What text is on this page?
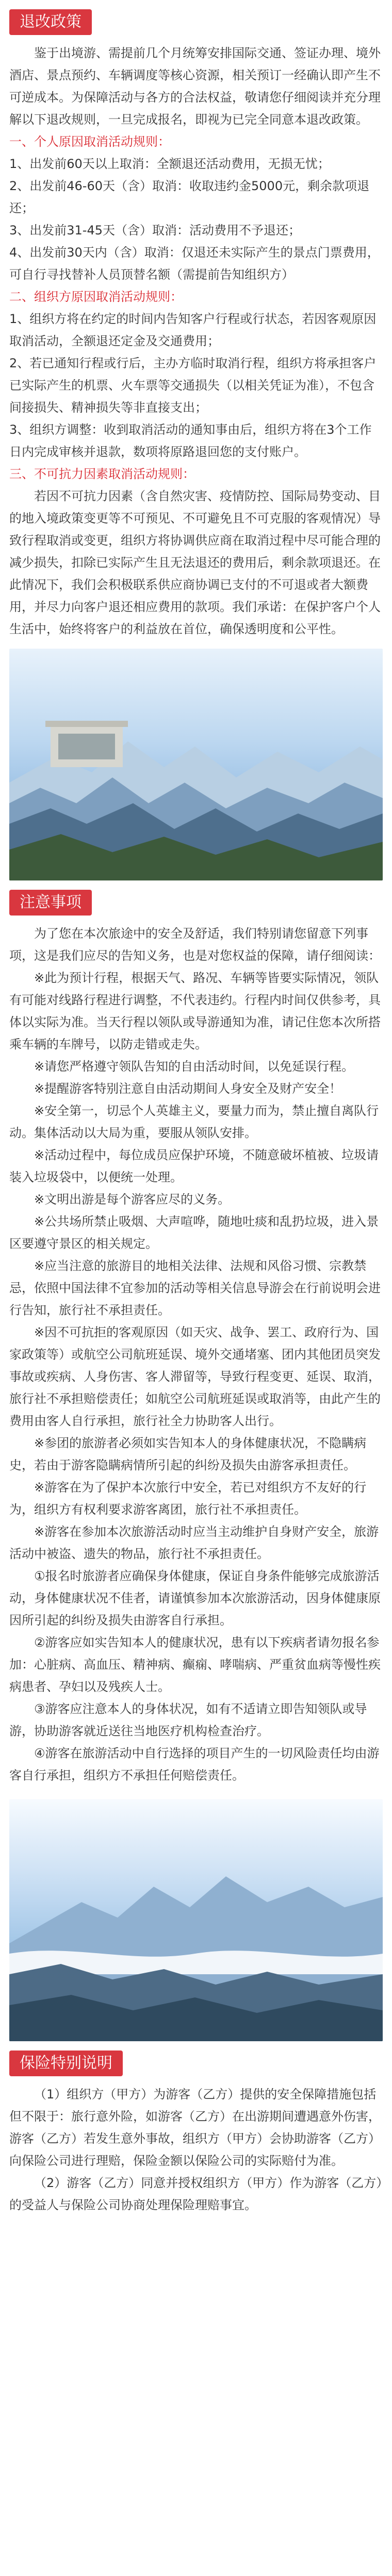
退改政策

鉴于出境游、需提前几个月统筹安排国际交通、签证办理、境外酒店、景点预约、车辆调度等核心资源，相关预订一经确认即产生不可逆成本。为保障活动与各方的合法权益，敬请您仔细阅读并充分理解以下退改规则，一旦完成报名，即视为已完全同意本退改政策。

一、个人原因取消活动规则：

1、出发前60天以上取消：全额退还活动费用，无损无忧；

2、出发前46-60天（含）取消：收取违约金5000元，剩余款项退还；

3、出发前31-45天（含）取消：活动费用不予退还；

4、出发前30天内（含）取消：仅退还未实际产生的景点门票费用，可自行寻找替补人员顶替名额（需提前告知组织方）

二、组织方原因取消活动规则：

1、组织方将在约定的时间内告知客户行程或行状态，若因客观原因取消活动，全额退还定金及交通费用；

2、若已通知行程或行后，主办方临时取消行程，组织方将承担客户已实际产生的机票、火车票等交通损失（以相关凭证为准），不包含间接损失、精神损失等非直接支出；

3、组织方调整：收到取消活动的通知事由后，组织方将在3个工作日内完成审核并退款，数项将原路退回您的支付账户。

三、不可抗力因素取消活动规则：

若因不可抗力因素（含自然灾害、疫情防控、国际局势变动、目的地入境政策变更等不可预见、不可避免且不可克服的客观情况）导致行程取消或变更，组织方将协调供应商在取消过程中尽可能合理的减少损失，扣除已实际产生且无法退还的费用后，剩余款项退还。在此情况下，我们会积极联系供应商协调已支付的不可退或者大额费用，并尽力向客户退还相应费用的款项。我们承诺：在保护客户个人生活中，始终将客户的利益放在首位，确保透明度和公平性。

注意事项

为了您在本次旅途中的安全及舒适，我们特别请您留意下列事项，这是我们应尽的告知义务，也是对您权益的保障，请仔细阅读：

※此为预计行程，根据天气、路况、车辆等皆要实际情况，领队有可能对线路行程进行调整，不代表违约。行程内时间仅供参考，具体以实际为准。当天行程以领队或导游通知为准，请记住您本次所搭乘车辆的车牌号，以防走错或走失。

※请您严格遵守领队告知的自由活动时间，以免延误行程。

※提醒游客特别注意自由活动期间人身安全及财产安全！

※安全第一，切忌个人英雄主义，要量力而为，禁止擅自离队行动。集体活动以大局为重，要服从领队安排。

※活动过程中，每位成员应保护环境，不随意破坏植被、垃圾请装入垃圾袋中，以便统一处理。

※文明出游是每个游客应尽的义务。

※公共场所禁止吸烟、大声喧哗，随地吐痰和乱扔垃圾，进入景区要遵守景区的相关规定。

※应当注意的旅游目的地相关法律、法规和风俗习惯、宗教禁忌，依照中国法律不宜参加的活动等相关信息导游会在行前说明会进行告知，旅行社不承担责任。

※因不可抗拒的客观原因（如天灾、战争、罢工、政府行为、国家政策等）或航空公司航班延误、境外交通堵塞、团内其他团员突发事故或疾病、人身伤害、客人滞留等，导致行程变更、延误、取消，旅行社不承担赔偿责任；如航空公司航班延误或取消等，由此产生的费用由客人自行承担，旅行社全力协助客人出行。

※参团的旅游者必须如实告知本人的身体健康状况，不隐瞒病史，若由于游客隐瞒病情所引起的纠纷及损失由游客承担责任。

※游客在为了保护本次旅行中安全，若已对组织方不友好的行为，组织方有权利要求游客离团，旅行社不承担责任。

※游客在参加本次旅游活动时应当主动维护自身财产安全，旅游活动中被盗、遗失的物品，旅行社不承担责任。

①报名时旅游者应确保身体健康，保证自身条件能够完成旅游活动，身体健康状况不佳者，请谨慎参加本次旅游活动，因身体健康原因所引起的纠纷及损失由游客自行承担。

②游客应如实告知本人的健康状况，患有以下疾病者请勿报名参加：心脏病、高血压、精神病、癫痫、哮喘病、严重贫血病等慢性疾病患者、孕妇以及残疾人士。

③游客应注意本人的身体状况，如有不适请立即告知领队或导游，协助游客就近送往当地医疗机构检查治疗。

④游客在旅游活动中自行选择的项目产生的一切风险责任均由游客自行承担，组织方不承担任何赔偿责任。

保险特别说明

（1）组织方（甲方）为游客（乙方）提供的安全保障措施包括但不限于：旅行意外险，如游客（乙方）在出游期间遭遇意外伤害，游客（乙方）若发生意外事故，组织方（甲方）会协助游客（乙方）向保险公司进行理赔，保险金额以保险公司的实际赔付为准。

（2）游客（乙方）同意并授权组织方（甲方）作为游客（乙方）的受益人与保险公司协商处理保险理赔事宜。
